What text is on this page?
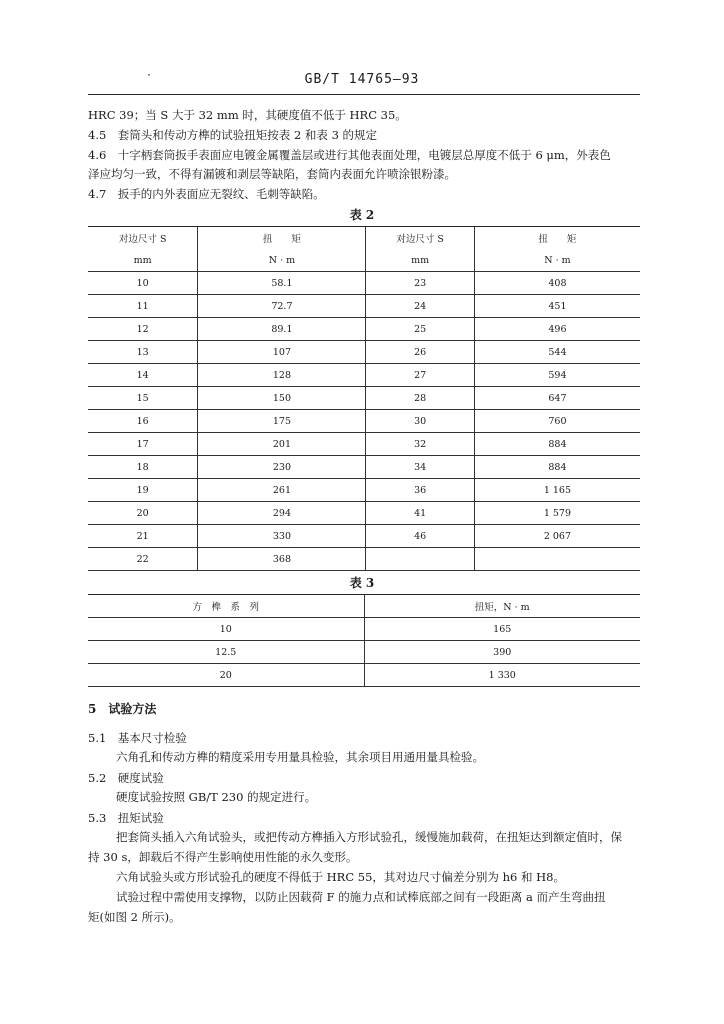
·	GB/T 14765—93
HRC 39；当 S 大于 32 mm 时，其硬度值不低于 HRC 35。
4.5　套筒头和传动方榫的试验扭矩按表 2 和表 3 的规定
4.6　十字柄套筒扳手表面应电镀金属覆盖层或进行其他表面处理，电镀层总厚度不低于 6 μm，外表色
泽应均匀一致，不得有漏镀和剥层等缺陷，套筒内表面允许喷涂银粉漆。
4.7　扳手的内外表面应无裂纹、毛刺等缺陷。
表 2
对边尺寸 S	扭　　矩	对边尺寸 S	扭　　矩
mm	N · m	mm	N · m
10	58.1	23	408
11	72.7	24	451
12	89.1	25	496
13	107	26	544
14	128	27	594
15	150	28	647
16	175	30	760
17	201	32	884
18	230	34	884
19	261	36	1 165
20	294	41	1 579
21	330	46	2 067
22	368		
表 3
方　榫　系　列	扭矩，N · m
10	165
12.5	390
20	1 330
5　试验方法
5.1　基本尺寸检验
六角孔和传动方榫的精度采用专用量具检验，其余项目用通用量具检验。
5.2　硬度试验
硬度试验按照 GB/T 230 的规定进行。
5.3　扭矩试验
把套筒头插入六角试验头，或把传动方榫插入方形试验孔，缓慢施加载荷，在扭矩达到额定值时，保
持 30 s，卸载后不得产生影响使用性能的永久变形。
六角试验头或方形试验孔的硬度不得低于 HRC 55，其对边尺寸偏差分别为 h6 和 H8。
试验过程中需使用支撑物，以防止因载荷 F 的施力点和试棒底部之间有一段距离 a 而产生弯曲扭
矩(如图 2 所示)。
